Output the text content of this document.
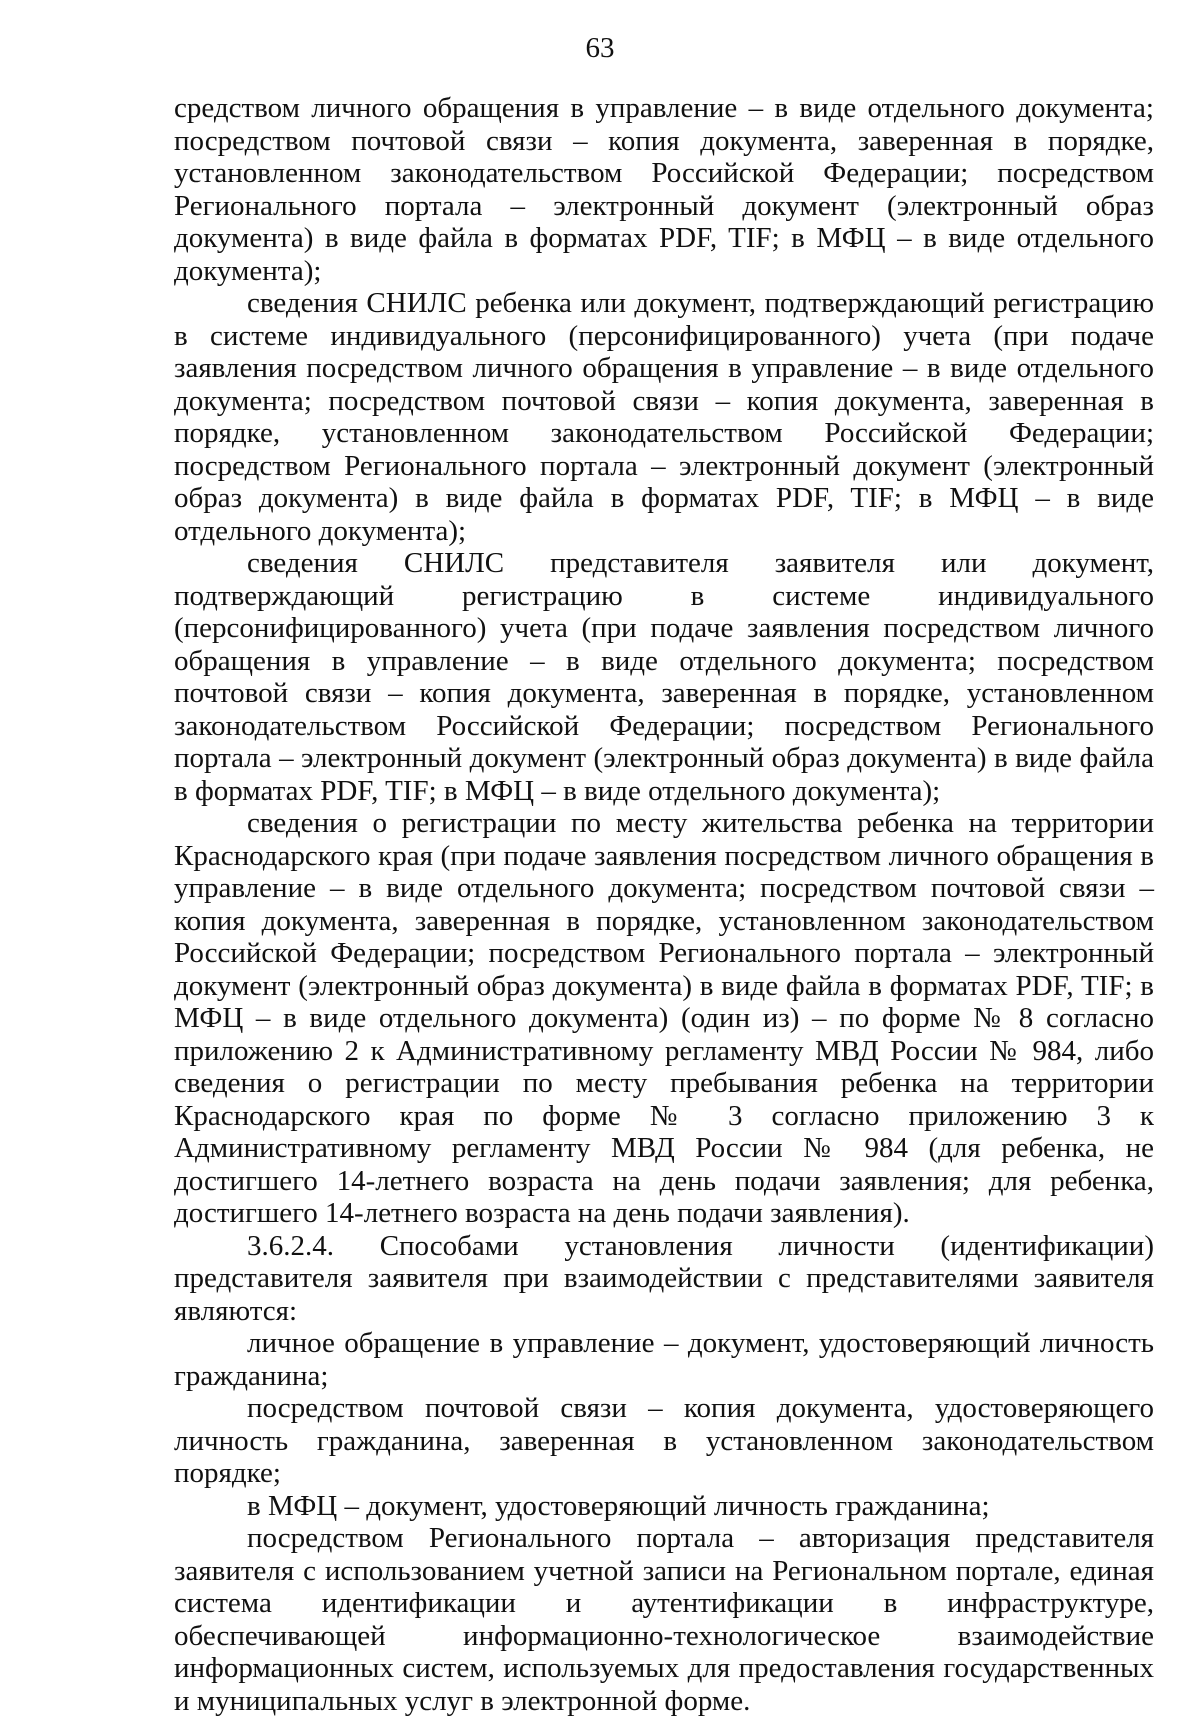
63

средством личного обращения в управление – в виде отдельного документа; посредством почтовой связи – копия документа, заверенная в порядке, установленном законодательством Российской Федерации; посредством Регионального портала – электронный документ (электронный образ документа) в виде файла в форматах PDF, TIF; в МФЦ – в виде отдельного документа);

сведения СНИЛС ребенка или документ, подтверждающий регистрацию в системе индивидуального (персонифицированного) учета (при подаче заявления посредством личного обращения в управление – в виде отдельного документа; посредством почтовой связи – копия документа, заверенная в порядке, установленном законодательством Российской Федерации; посредством Регионального портала – электронный документ (электронный образ документа) в виде файла в форматах PDF, TIF; в МФЦ – в виде отдельного документа);

сведения СНИЛС представителя заявителя или документ, подтверждающий регистрацию в системе индивидуального (персонифицированного) учета (при подаче заявления посредством личного обращения в управление – в виде отдельного документа; посредством почтовой связи – копия документа, заверенная в порядке, установленном законодательством Российской Федерации; посредством Регионального портала – электронный документ (электронный образ документа) в виде файла в форматах PDF, TIF; в МФЦ – в виде отдельного документа);

сведения о регистрации по месту жительства ребенка на территории Краснодарского края (при подаче заявления посредством личного обращения в управление – в виде отдельного документа; посредством почтовой связи – копия документа, заверенная в порядке, установленном законодательством Российской Федерации; посредством Регионального портала – электронный документ (электронный образ документа) в виде файла в форматах PDF, TIF; в МФЦ – в виде отдельного документа) (один из) – по форме № 8 согласно приложению 2 к Административному регламенту МВД России № 984, либо сведения о регистрации по месту пребывания ребенка на территории Краснодарского края по форме № 3 согласно приложению 3 к Административному регламенту МВД России № 984 (для ребенка, не достигшего 14-летнего возраста на день подачи заявления; для ребенка, достигшего 14-летнего возраста на день подачи заявления).

3.6.2.4. Способами установления личности (идентификации) представителя заявителя при взаимодействии с представителями заявителя являются:

личное обращение в управление – документ, удостоверяющий личность гражданина;

посредством почтовой связи – копия документа, удостоверяющего личность гражданина, заверенная в установленном законодательством порядке;

в МФЦ – документ, удостоверяющий личность гражданина;

посредством Регионального портала – авторизация представителя заявителя с использованием учетной записи на Региональном портале, единая система идентификации и аутентификации в инфраструктуре, обеспечивающей информационно-технологическое взаимодействие информационных систем, используемых для предоставления государственных и муниципальных услуг в электронной форме.
